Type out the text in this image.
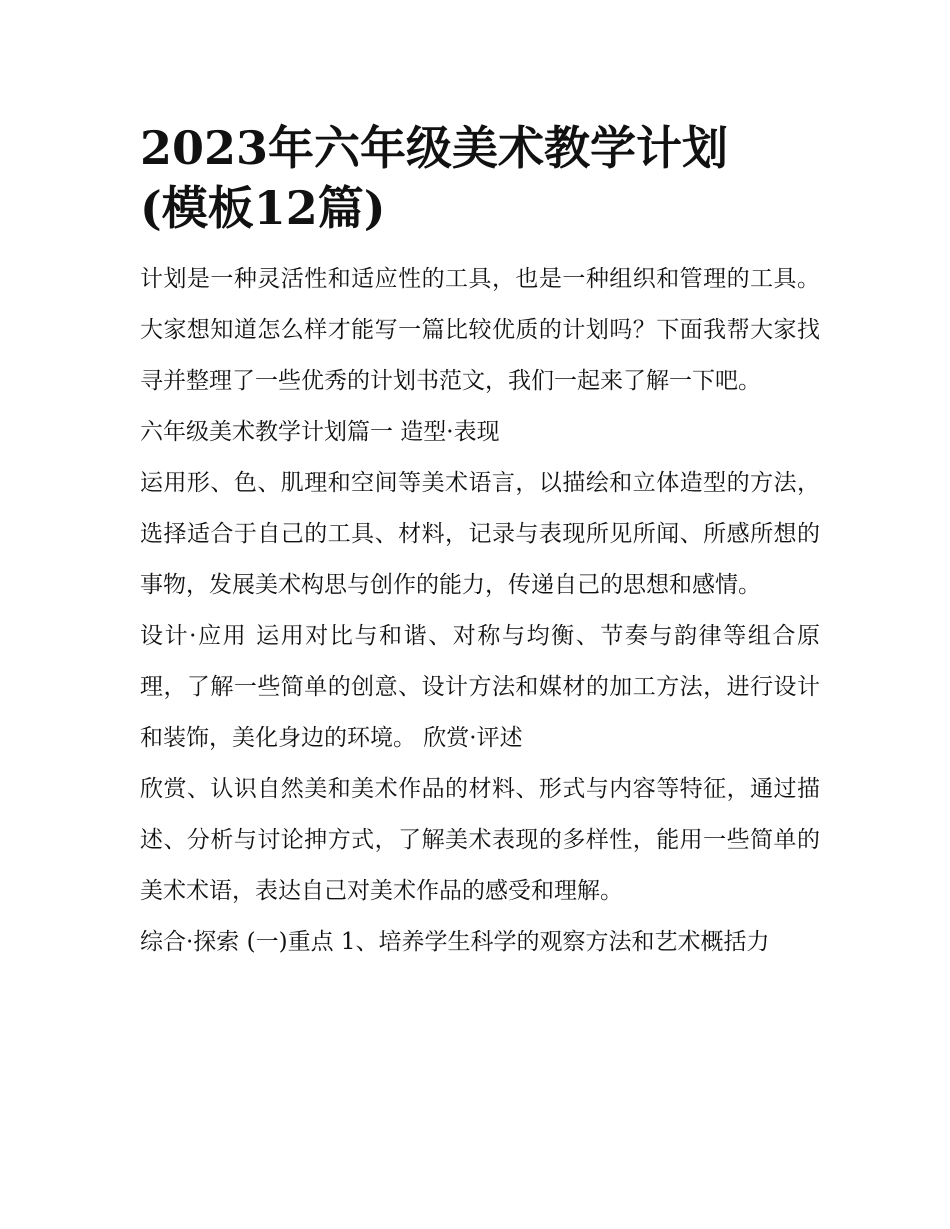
2023年六年级美术教学计划
(模板12篇)

计划是一种灵活性和适应性的工具，也是一种组织和管理的工具。大家想知道怎么样才能写一篇比较优质的计划吗？下面我帮大家找寻并整理了一些优秀的计划书范文，我们一起来了解一下吧。

六年级美术教学计划篇一 造型·表现

运用形、色、肌理和空间等美术语言，以描绘和立体造型的方法，选择适合于自己的工具、材料，记录与表现所见所闻、所感所想的事物，发展美术构思与创作的能力，传递自己的思想和感情。

设计·应用 运用对比与和谐、对称与均衡、节奏与韵律等组合原理，了解一些简单的创意、设计方法和媒材的加工方法，进行设计和装饰，美化身边的环境。 欣赏·评述

欣赏、认识自然美和美术作品的材料、形式与内容等特征，通过描述、分析与讨论抻方式，了解美术表现的多样性，能用一些简单的美术术语，表达自己对美术作品的感受和理解。

综合·探索 (一)重点 1、培养学生科学的观察方法和艺术概括力
